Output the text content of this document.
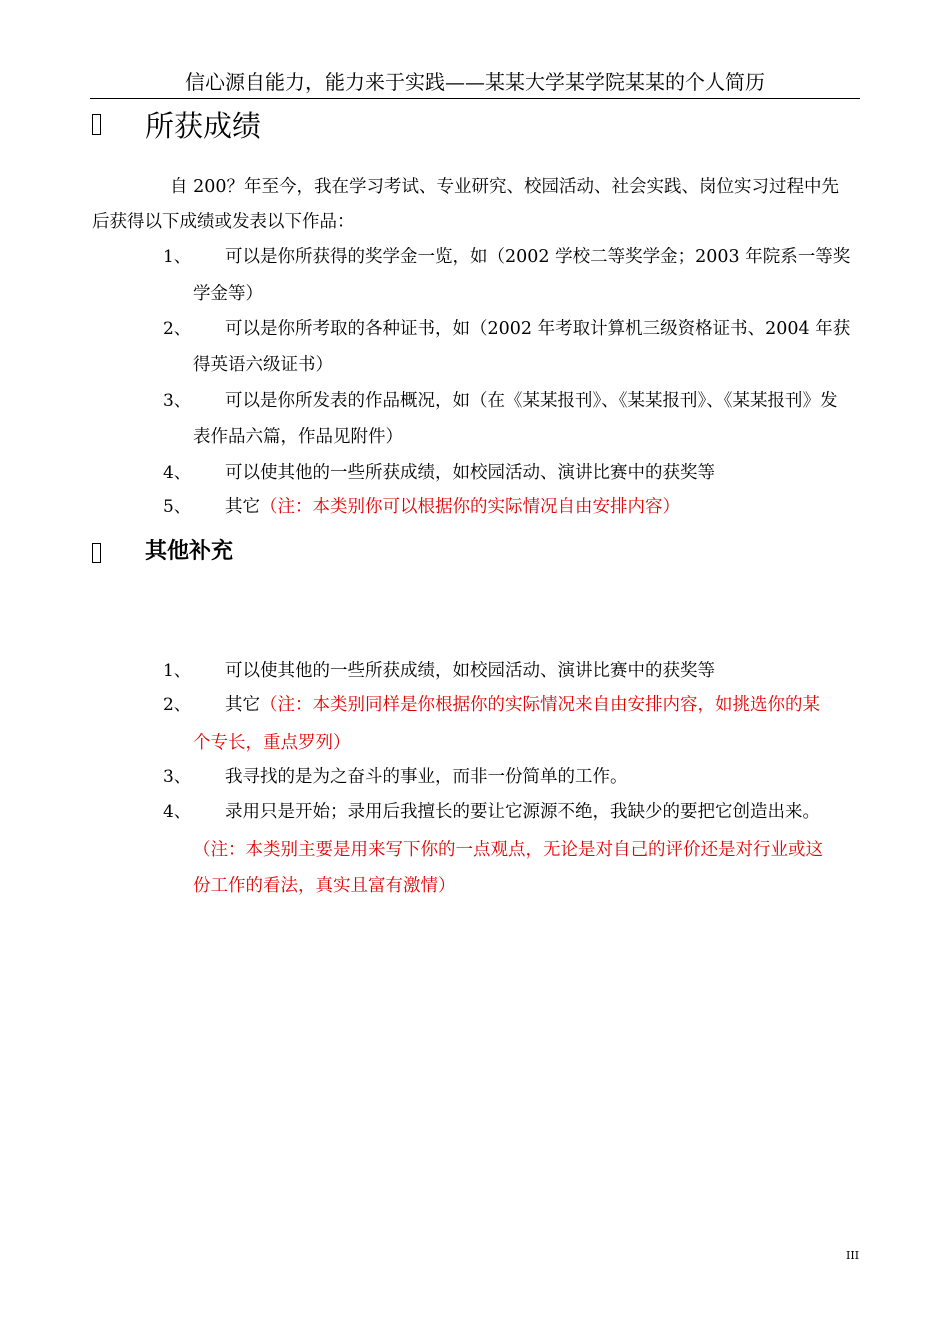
信心源自能力，能力来于实践——某某大学某学院某某的个人简历
所获成绩
自 200？年至今，我在学习考试、专业研究、校园活动、社会实践、岗位实习过程中先
后获得以下成绩或发表以下作品：
1、 可以是你所获得的奖学金一览，如（2002 学校二等奖学金；2003 年院系一等奖
学金等）
2、 可以是你所考取的各种证书，如（2002 年考取计算机三级资格证书、2004 年获
得英语六级证书）
3、 可以是你所发表的作品概况，如（在《某某报刊》、《某某报刊》、《某某报刊》发
表作品六篇，作品见附件）
4、 可以使其他的一些所获成绩，如校园活动、演讲比赛中的获奖等
5、 其它（注：本类别你可以根据你的实际情况自由安排内容）
其他补充
1、 可以使其他的一些所获成绩，如校园活动、演讲比赛中的获奖等
2、 其它（注：本类别同样是你根据你的实际情况来自由安排内容，如挑选你的某
个专长，重点罗列）
3、 我寻找的是为之奋斗的事业，而非一份简单的工作。
4、 录用只是开始；录用后我擅长的要让它源源不绝，我缺少的要把它创造出来。
（注：本类别主要是用来写下你的一点观点，无论是对自己的评价还是对行业或这
份工作的看法，真实且富有激情）
III
